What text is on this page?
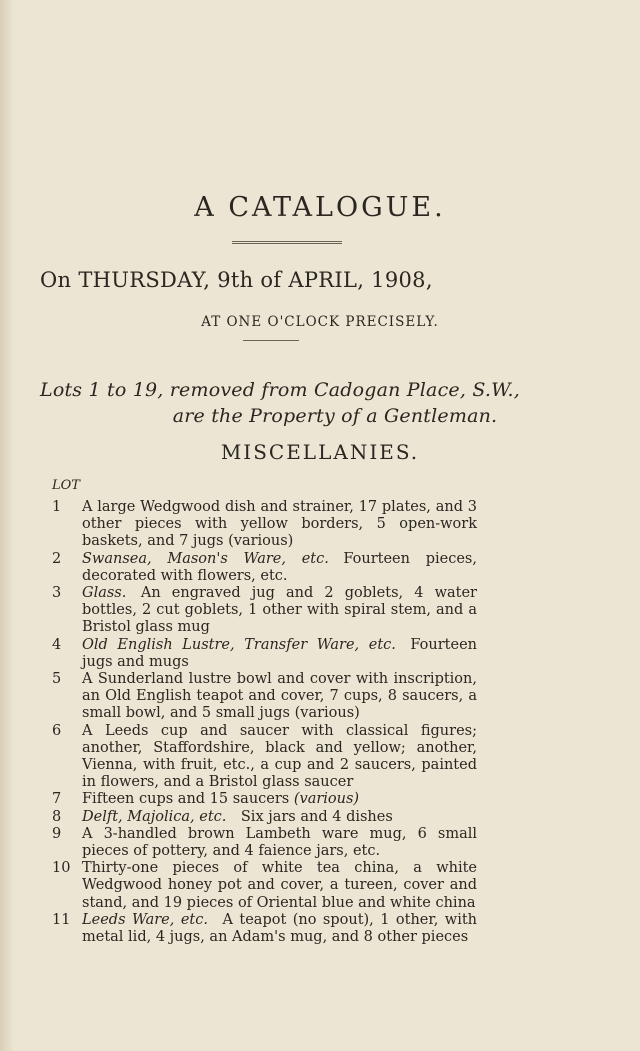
A CATALOGUE.
On THURSDAY, 9th of APRIL, 1908,
AT ONE O'CLOCK PRECISELY.
Lots 1 to 19, removed from Cadogan Place, S.W.,
are the Property of a Gentleman.
MISCELLANIES.
LOT
1	A large Wedgwood dish and strainer, 17 plates, and 3 other pieces with yellow borders, 5 open-work baskets, and 7 jugs (various)
2	Swansea, Mason's Ware, etc.  Fourteen pieces, decorated with flowers, etc.
3	Glass.  An engraved jug and 2 goblets, 4 water bottles, 2 cut goblets, 1 other with spiral stem, and a Bristol glass mug
4	Old English Lustre, Transfer Ware, etc.  Fourteen jugs and mugs
5	A Sunderland lustre bowl and cover with inscription, an Old English teapot and cover, 7 cups, 8 saucers, a small bowl, and 5 small jugs (various)
6	A Leeds cup and saucer with classical figures; another, Staffordshire, black and yellow; another, Vienna, with fruit, etc., a cup and 2 saucers, painted in flowers, and a Bristol glass saucer
7	Fifteen cups and 15 saucers (various)
8	Delft, Majolica, etc.  Six jars and 4 dishes
9	A 3-handled brown Lambeth ware mug, 6 small pieces of pottery, and 4 faience jars, etc.
10 Thirty-one pieces of white tea china, a white Wedgwood honey pot and cover, a tureen, cover and stand, and 19 pieces of Oriental blue and white china
11 Leeds Ware, etc.  A teapot (no spout), 1 other, with metal lid, 4 jugs, an Adam's mug, and 8 other pieces
